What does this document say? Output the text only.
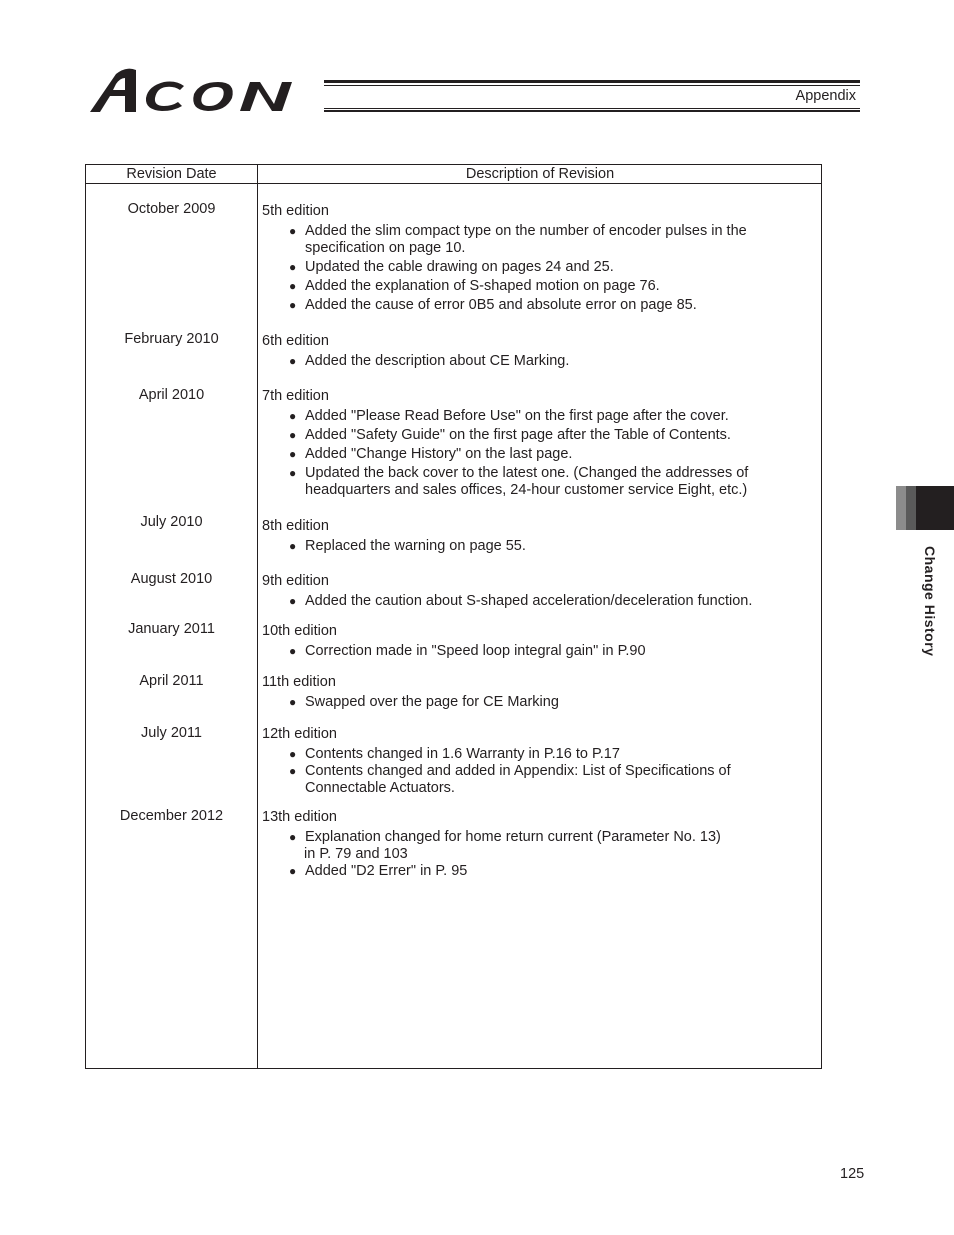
Appendix
Revision Date	Description of Revision
October 2009	5th edition
● Added the slim compact type on the number of encoder pulses in the
specification on page 10.
● Updated the cable drawing on pages 24 and 25.
● Added the explanation of S-shaped motion on page 76.
● Added the cause of error 0B5 and absolute error on page 85.
February 2010	6th edition
● Added the description about CE Marking.
April 2010	7th edition
● Added "Please Read Before Use" on the first page after the cover.
● Added "Safety Guide" on the first page after the Table of Contents.
● Added "Change History" on the last page.
● Updated the back cover to the latest one. (Changed the addresses of
headquarters and sales offices, 24-hour customer service Eight, etc.)
July 2010	8th edition
● Replaced the warning on page 55.
August 2010	9th edition
● Added the caution about S-shaped acceleration/deceleration function.
January 2011	10th edition
● Correction made in "Speed loop integral gain" in P.90
April 2011	11th edition
● Swapped over the page for CE Marking
July 2011	12th edition
● Contents changed in 1.6 Warranty in P.16 to P.17
● Contents changed and added in Appendix: List of Specifications of
Connectable Actuators.
December 2012	13th edition
● Explanation changed for home return current (Parameter No. 13)
in P. 79 and 103
● Added "D2 Errer" in P. 95
Change History
125
